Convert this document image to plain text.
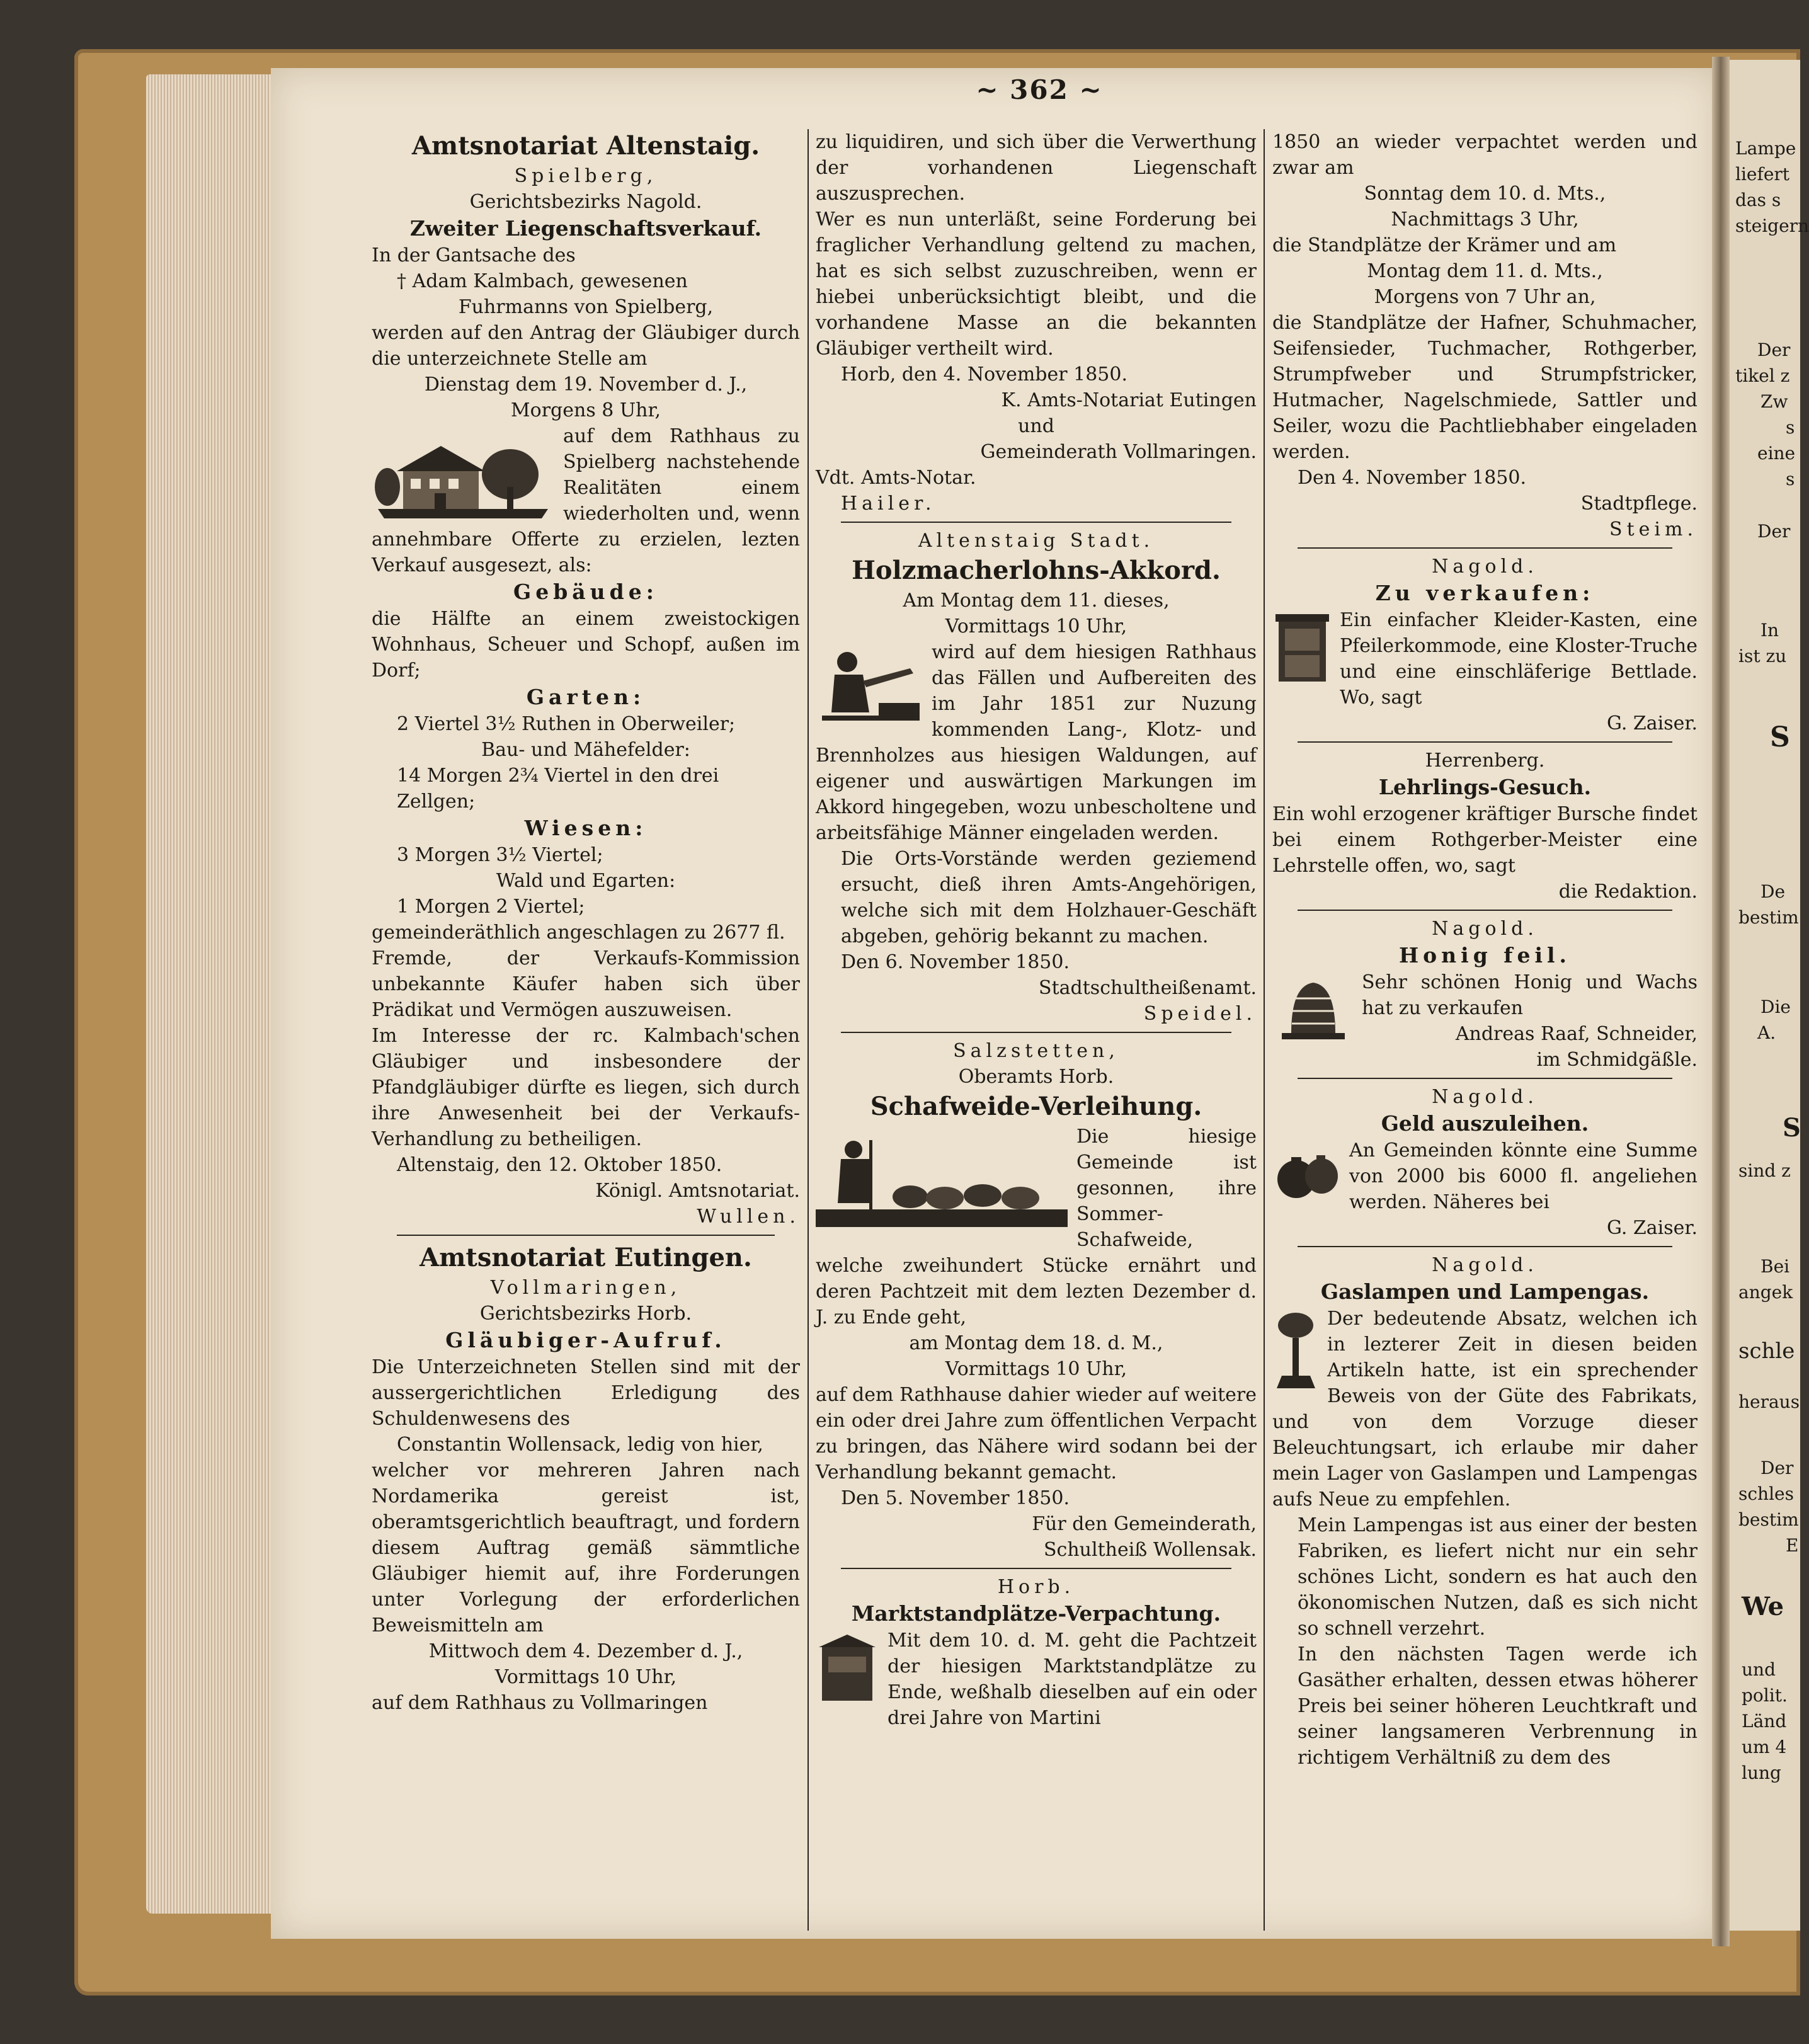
~ 362 ~
Amtsnotariat Altenstaig.
Spielberg,
Gerichtsbezirks Nagold.
Zweiter Liegenschaftsverkauf.
In der Gantsache des
† Adam Kalmbach, gewesenen
Fuhrmanns von Spielberg,
werden auf den Antrag der Gläubiger durch die unterzeichnete Stelle am
Dienstag dem 19. November d. J.,
Morgens 8 Uhr,
auf dem Rathhaus zu Spielberg nachstehende Realitäten einem wiederholten und, wenn annehmbare Offerte zu erzielen, lezten Verkauf ausgesezt, als:
Gebäude:
die Hälfte an einem zweistockigen Wohnhaus, Scheuer und Schopf, außen im Dorf;
Garten:
2 Viertel 3½ Ruthen in Oberweiler;
Bau- und Mähefelder:
14 Morgen 2¾ Viertel in den drei Zellgen;
Wiesen:
3 Morgen 3½ Viertel;
Wald und Egarten:
1 Morgen 2 Viertel;
gemeinderäthlich angeschlagen zu 2677 fl.
Fremde, der Verkaufs-Kommission unbekannte Käufer haben sich über Prädikat und Vermögen auszuweisen.
Im Interesse der rc. Kalmbach'schen Gläubiger und insbesondere der Pfandgläubiger dürfte es liegen, sich durch ihre Anwesenheit bei der Verkaufs-Verhandlung zu betheiligen.
Altenstaig, den 12. Oktober 1850.
Königl. Amtsnotariat.
Wullen.
Amtsnotariat Eutingen.
Vollmaringen,
Gerichtsbezirks Horb.
Gläubiger-Aufruf.
Die Unterzeichneten Stellen sind mit der aussergerichtlichen Erledigung des Schuldenwesens des
Constantin Wollensack, ledig von hier,
welcher vor mehreren Jahren nach Nordamerika gereist ist, oberamtsgerichtlich beauftragt, und fordern diesem Auftrag gemäß sämmtliche Gläubiger hiemit auf, ihre Forderungen unter Vorlegung der erforderlichen Beweismitteln am
Mittwoch dem 4. Dezember d. J.,
Vormittags 10 Uhr,
auf dem Rathhaus zu Vollmaringen
zu liquidiren, und sich über die Verwerthung der vorhandenen Liegenschaft auszusprechen.
Wer es nun unterläßt, seine Forderung bei fraglicher Verhandlung geltend zu machen, hat es sich selbst zuzuschreiben, wenn er hiebei unberücksichtigt bleibt, und die vorhandene Masse an die bekannten Gläubiger vertheilt wird.
Horb, den 4. November 1850.
K. Amts-Notariat Eutingen
und
Gemeinderath Vollmaringen.
Vdt. Amts-Notar.
Hailer.
Altenstaig Stadt.
Holzmacherlohns-Akkord.
Am Montag dem 11. dieses,
Vormittags 10 Uhr,
wird auf dem hiesigen Rathhaus das Fällen und Aufbereiten des im Jahr 1851 zur Nuzung kommenden Lang-, Klotz- und Brennholzes aus hiesigen Waldungen, auf eigener und auswärtigen Markungen im Akkord hingegeben, wozu unbescholtene und arbeitsfähige Männer eingeladen werden.
Die Orts-Vorstände werden geziemend ersucht, dieß ihren Amts-Angehörigen, welche sich mit dem Holzhauer-Geschäft abgeben, gehörig bekannt zu machen.
Den 6. November 1850.
Stadtschultheißenamt.
Speidel.
Salzstetten,
Oberamts Horb.
Schafweide-Verleihung.
Die hiesige Gemeinde ist gesonnen, ihre Sommer-Schafweide, welche zweihundert Stücke ernährt und deren Pachtzeit mit dem lezten Dezember d. J. zu Ende geht,
am Montag dem 18. d. M.,
Vormittags 10 Uhr,
auf dem Rathhause dahier wieder auf weitere ein oder drei Jahre zum öffentlichen Verpacht zu bringen, das Nähere wird sodann bei der Verhandlung bekannt gemacht.
Den 5. November 1850.
Für den Gemeinderath,
Schultheiß Wollensak.
Horb.
Marktstandplätze-Verpachtung.
Mit dem 10. d. M. geht die Pachtzeit der hiesigen Marktstandplätze zu Ende, weßhalb dieselben auf ein oder drei Jahre von Martini
1850 an wieder verpachtet werden und zwar am
Sonntag dem 10. d. Mts.,
Nachmittags 3 Uhr,
die Standplätze der Krämer und am
Montag dem 11. d. Mts.,
Morgens von 7 Uhr an,
die Standplätze der Hafner, Schuhmacher, Seifensieder, Tuchmacher, Rothgerber, Strumpfweber und Strumpfstricker, Hutmacher, Nagelschmiede, Sattler und Seiler, wozu die Pachtliebhaber eingeladen werden.
Den 4. November 1850.
Stadtpflege.
Steim.
Nagold.
Zu verkaufen:
Ein einfacher Kleider-Kasten, eine Pfeilerkommode, eine Kloster-Truche und eine einschläferige Bettlade. Wo, sagt
G. Zaiser.
Herrenberg.
Lehrlings-Gesuch.
Ein wohl erzogener kräftiger Bursche findet bei einem Rothgerber-Meister eine Lehrstelle offen, wo, sagt
die Redaktion.
Nagold.
Honig feil.
Sehr schönen Honig und Wachs hat zu verkaufen
Andreas Raaf, Schneider,
im Schmidgäßle.
Nagold.
Geld auszuleihen.
An Gemeinden könnte eine Summe von 2000 bis 6000 fl. angeliehen werden. Näheres bei
G. Zaiser.
Nagold.
Gaslampen und Lampengas.
Der bedeutende Absatz, welchen ich in lezterer Zeit in diesen beiden Artikeln hatte, ist ein sprechender Beweis von der Güte des Fabrikats, und von dem Vorzuge dieser Beleuchtungsart, ich erlaube mir daher mein Lager von Gaslampen und Lampengas aufs Neue zu empfehlen.
Mein Lampengas ist aus einer der besten Fabriken, es liefert nicht nur ein sehr schönes Licht, sondern es hat auch den ökonomischen Nutzen, daß es sich nicht so schnell verzehrt.
In den nächsten Tagen werde ich Gasäther erhalten, dessen etwas höherer Preis bei seiner höheren Leuchtkraft und seiner langsameren Verbrennung in richtigem Verhältniß zu dem des
Lampe
liefert
das s
steigern
Der
tikel z
Zw
s
eine
s
Der
In
ist zu
S
De
bestim
Die
A.
S
sind z
Bei
angek
schle
heraus
Der
schles
bestim
E
We
und
polit.
Länd
um 4
lung
